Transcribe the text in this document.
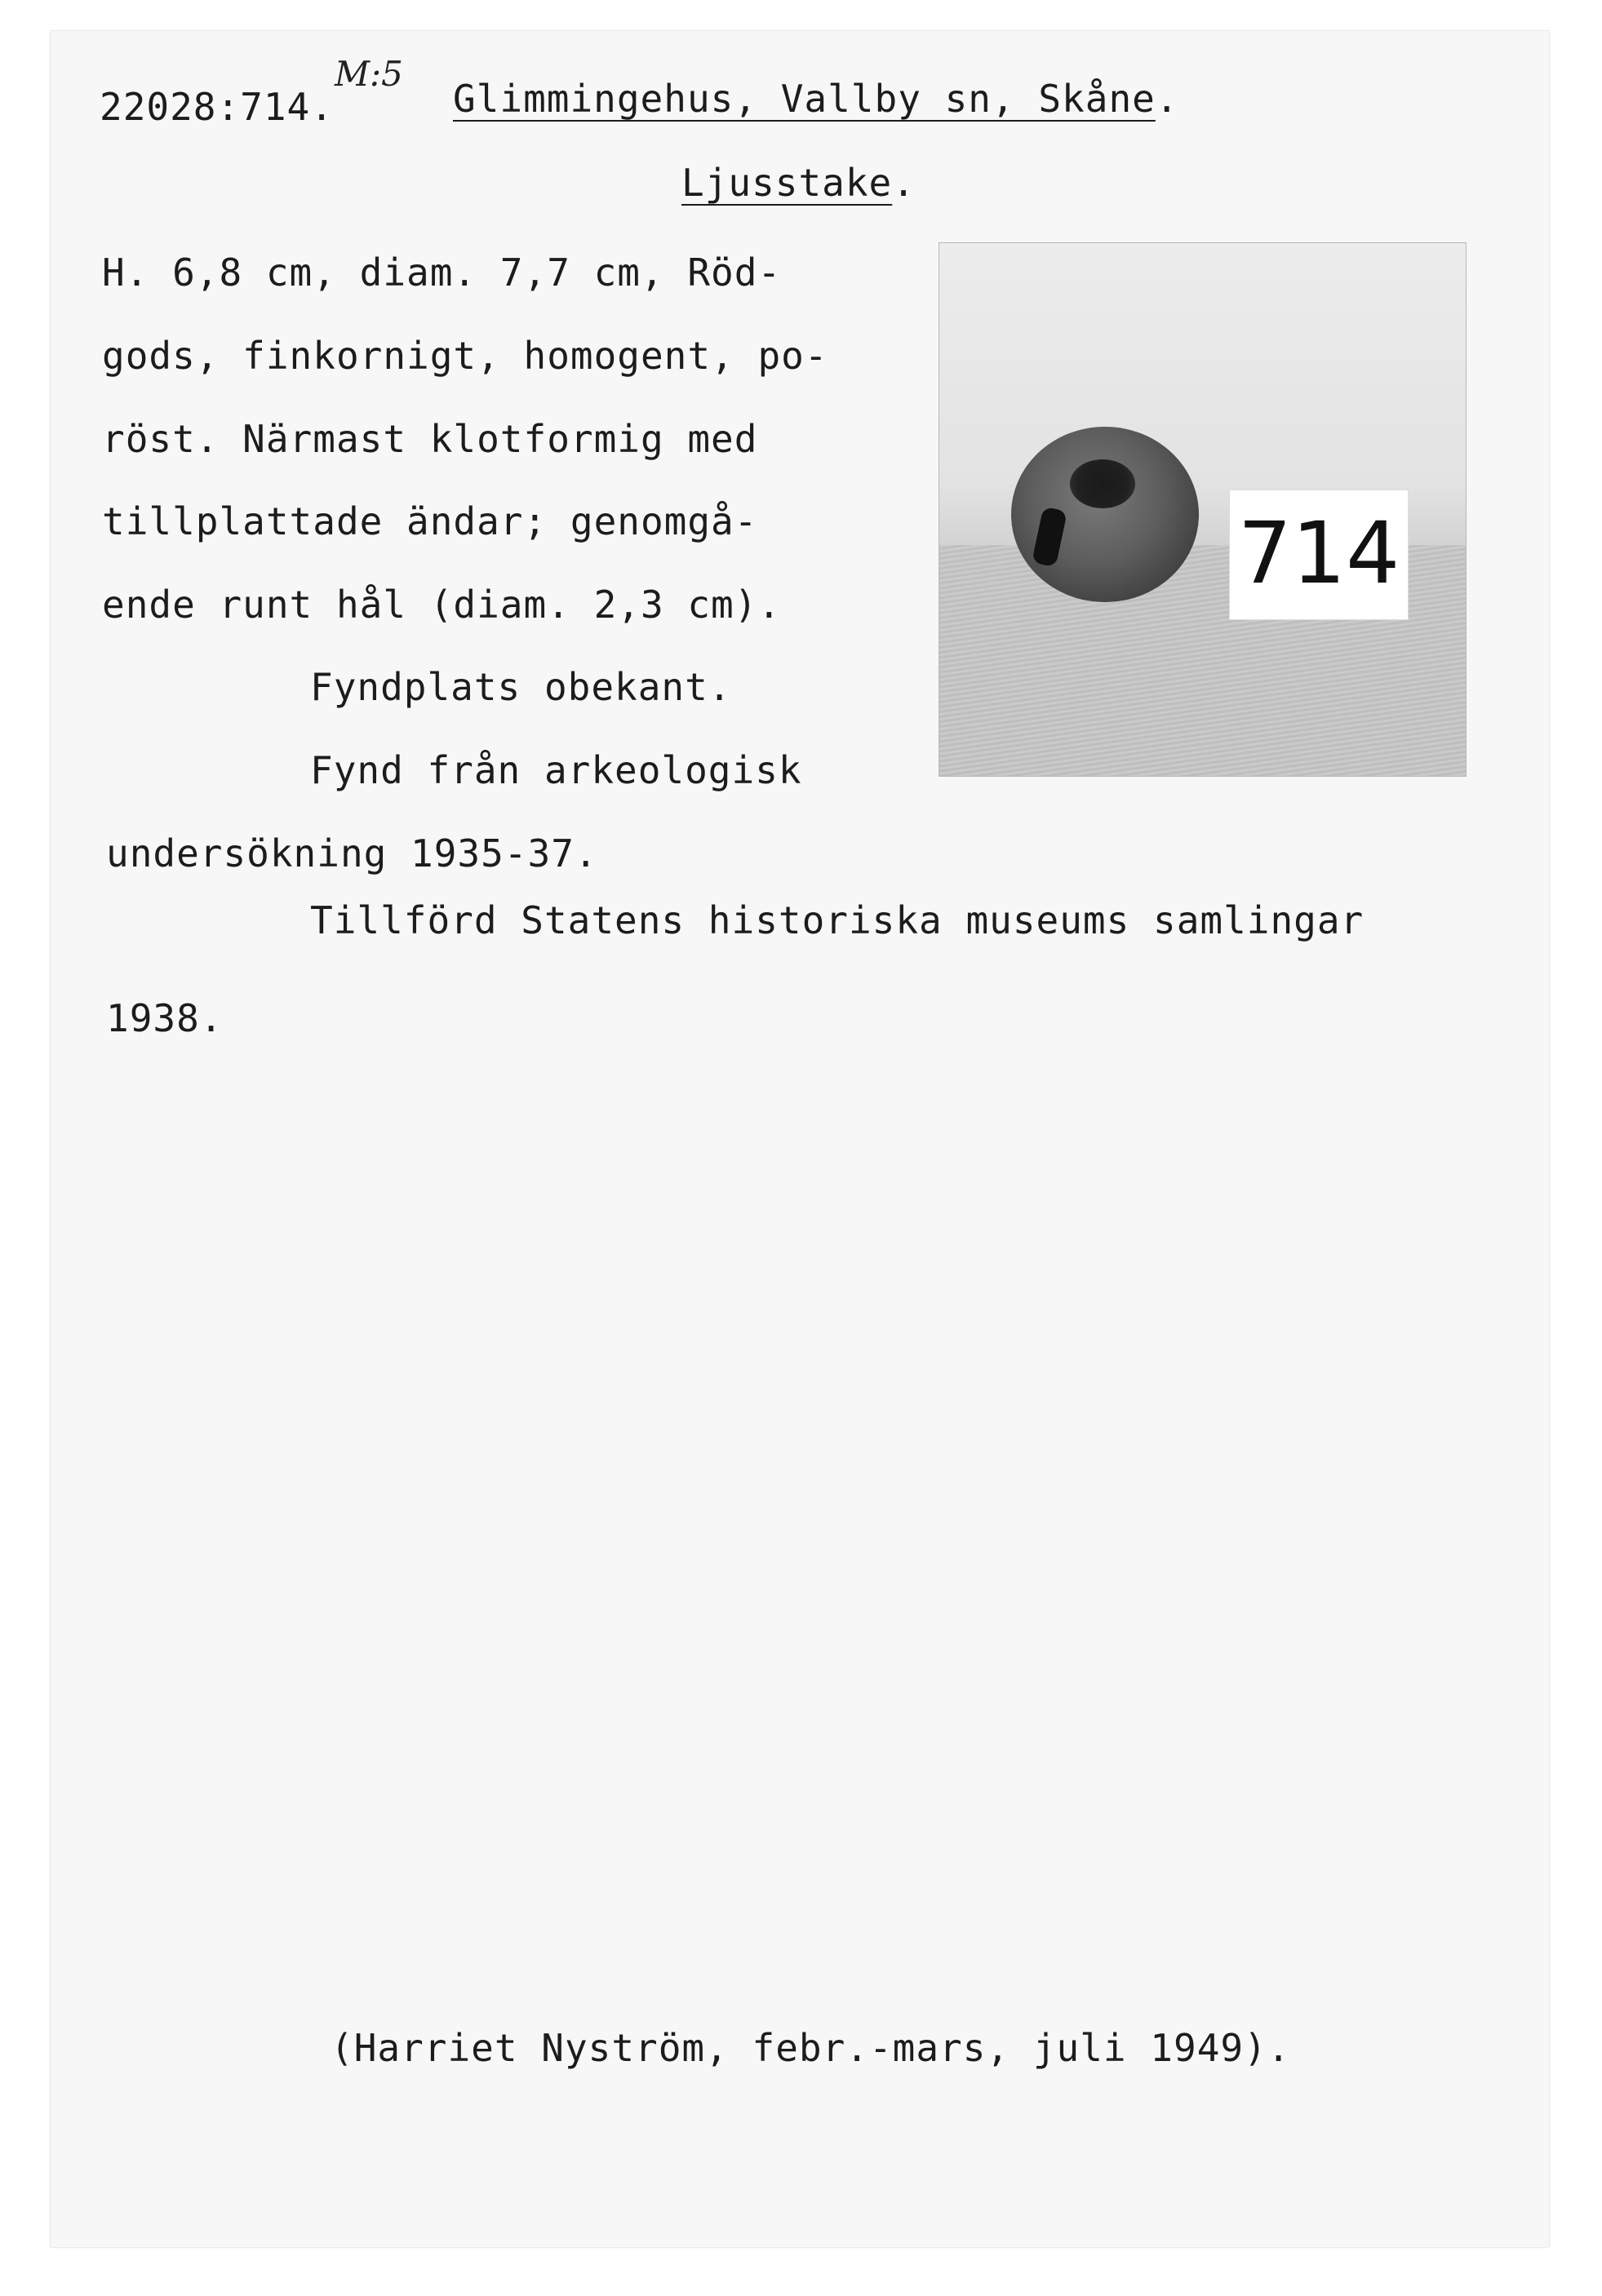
22028:714.
M:5
Glimmingehus, Vallby sn, Skåne.
Ljusstake.
H. 6,8 cm, diam. 7,7 cm, Röd-
gods, finkornigt, homogent, po-
röst. Närmast klotformig med
tillplattade ändar; genomgå-
ende runt hål (diam. 2,3 cm).
Fyndplats obekant.
Fynd från arkeologisk
undersökning 1935-37.
Tillförd Statens historiska museums samlingar
1938.
714
(Harriet Nyström, febr.-mars, juli 1949).
